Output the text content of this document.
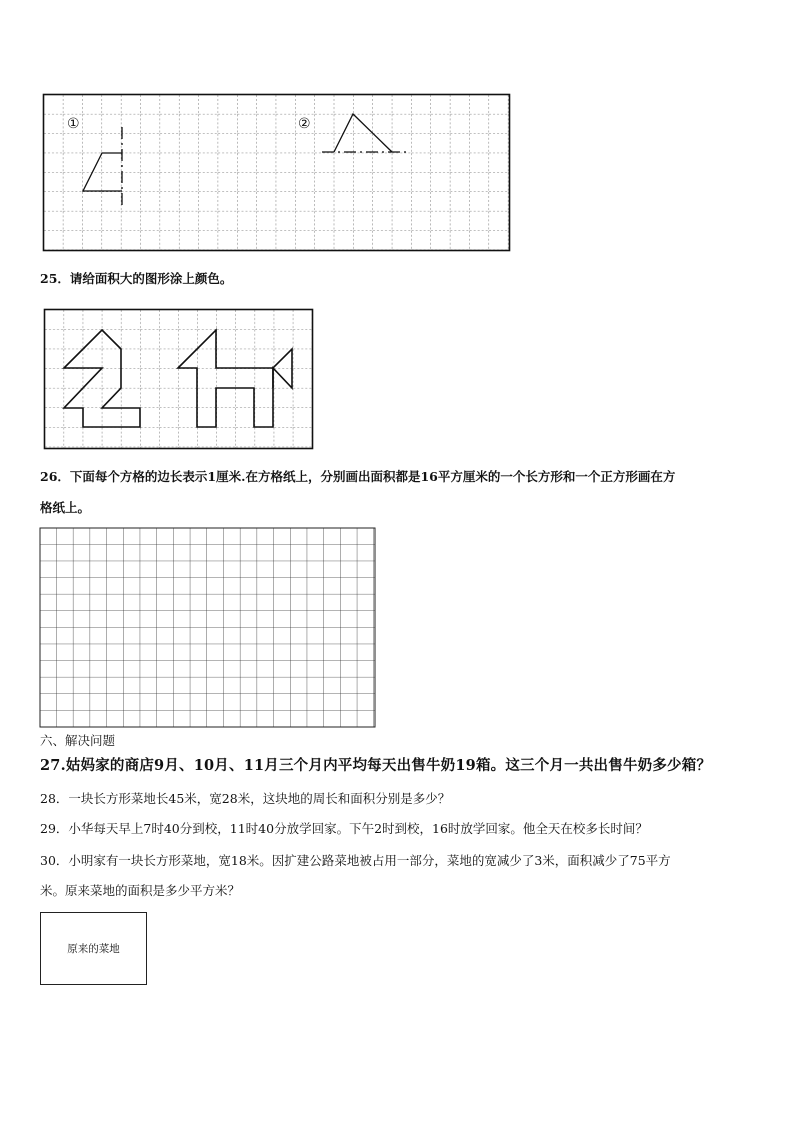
①	②
25．请给面积大的图形涂上颜色。
26．下面每个方格的边长表示1厘米.在方格纸上，分别画出面积都是16平方厘米的一个长方形和一个正方形画在方
格纸上。
六、解决问题
27.姑妈家的商店9月、10月、11月三个月内平均每天出售牛奶19箱。这三个月一共出售牛奶多少箱？
28．一块长方形菜地长45米，宽28米，这块地的周长和面积分别是多少？
29．小华每天早上7时40分到校，11时40分放学回家。下午2时到校，16时放学回家。他全天在校多长时间？
30．小明家有一块长方形菜地，宽18米。因扩建公路菜地被占用一部分，菜地的宽减少了3米，面积减少了75平方
米。原来菜地的面积是多少平方米？
原来的菜地
